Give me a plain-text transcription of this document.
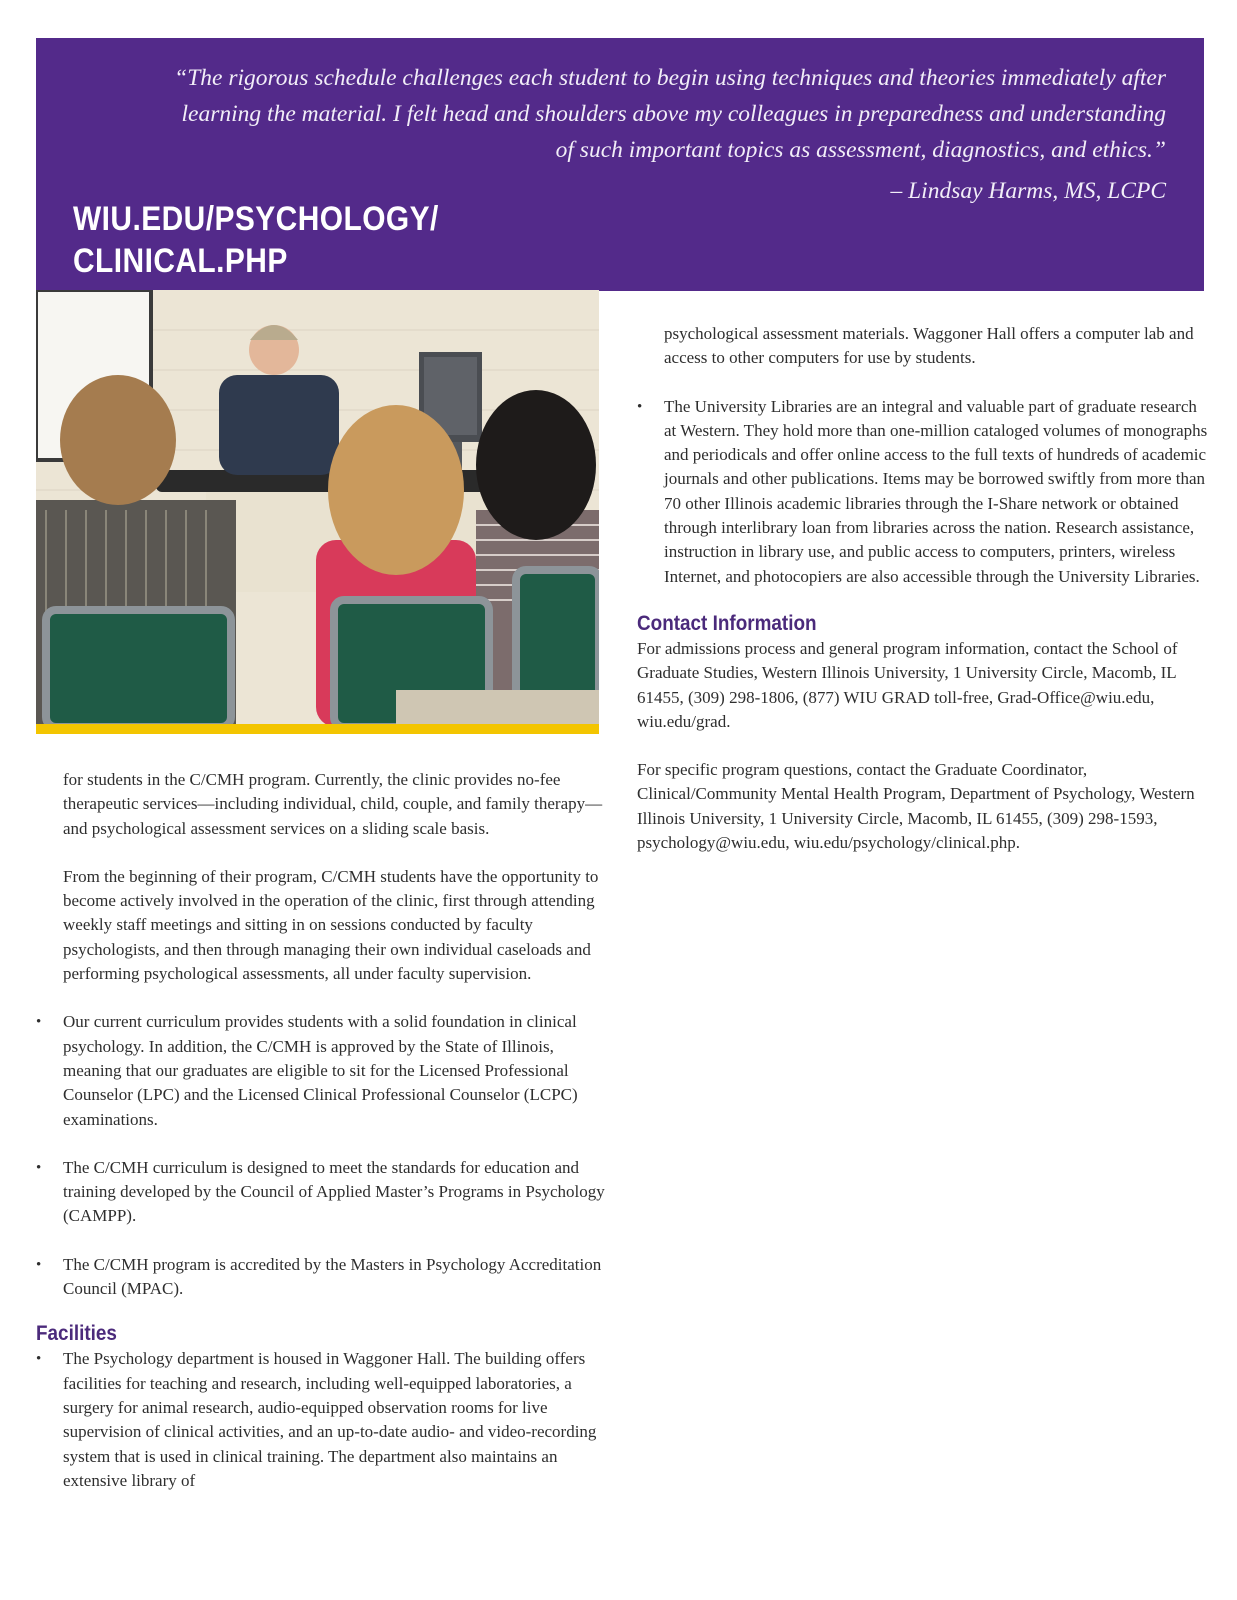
“The rigorous schedule challenges each student to begin using techniques and theories immediately after
learning the material. I felt head and shoulders above my colleagues in preparedness and understanding
of such important topics as assessment, diagnostics, and ethics.”
– Lindsay Harms, MS, LCPC
WIU.EDU/PSYCHOLOGY/
CLINICAL.PHP

for students in the C/CMH program. Currently, the clinic provides no-fee therapeutic services—including individual, child, couple, and family therapy—and psychological assessment services on a sliding scale basis.

From the beginning of their program, C/CMH students have the opportunity to become actively involved in the operation of the clinic, first through attending weekly staff meetings and sitting in on sessions conducted by faculty psychologists, and then through managing their own individual caseloads and performing psychological assessments, all under faculty supervision.

• Our current curriculum provides students with a solid foundation in clinical psychology. In addition, the C/CMH is approved by the State of Illinois, meaning that our graduates are eligible to sit for the Licensed Professional Counselor (LPC) and the Licensed Clinical Professional Counselor (LCPC) examinations.

• The C/CMH curriculum is designed to meet the standards for education and training developed by the Council of Applied Master’s Programs in Psychology (CAMPP).

• The C/CMH program is accredited by the Masters in Psychology Accreditation Council (MPAC).

Facilities

• The Psychology department is housed in Waggoner Hall. The building offers facilities for teaching and research, including well-equipped laboratories, a surgery for animal research, audio-equipped observation rooms for live supervision of clinical activities, and an up-to-date audio- and video-recording system that is used in clinical training. The department also maintains an extensive library of

psychological assessment materials. Waggoner Hall offers a computer lab and access to other computers for use by students.

• The University Libraries are an integral and valuable part of graduate research at Western. They hold more than one-million cataloged volumes of monographs and periodicals and offer online access to the full texts of hundreds of academic journals and other publications. Items may be borrowed swiftly from more than 70 other Illinois academic libraries through the I-Share network or obtained through interlibrary loan from libraries across the nation. Research assistance, instruction in library use, and public access to computers, printers, wireless Internet, and photocopiers are also accessible through the University Libraries.

Contact Information

For admissions process and general program information, contact the School of Graduate Studies, Western Illinois University, 1 University Circle, Macomb, IL 61455, (309) 298-1806, (877) WIU GRAD toll-free, Grad-Office@wiu.edu, wiu.edu/grad.

For specific program questions, contact the Graduate Coordinator, Clinical/Community Mental Health Program, Department of Psychology, Western Illinois University, 1 University Circle, Macomb, IL 61455, (309) 298-1593, psychology@wiu.edu, wiu.edu/psychology/clinical.php.
